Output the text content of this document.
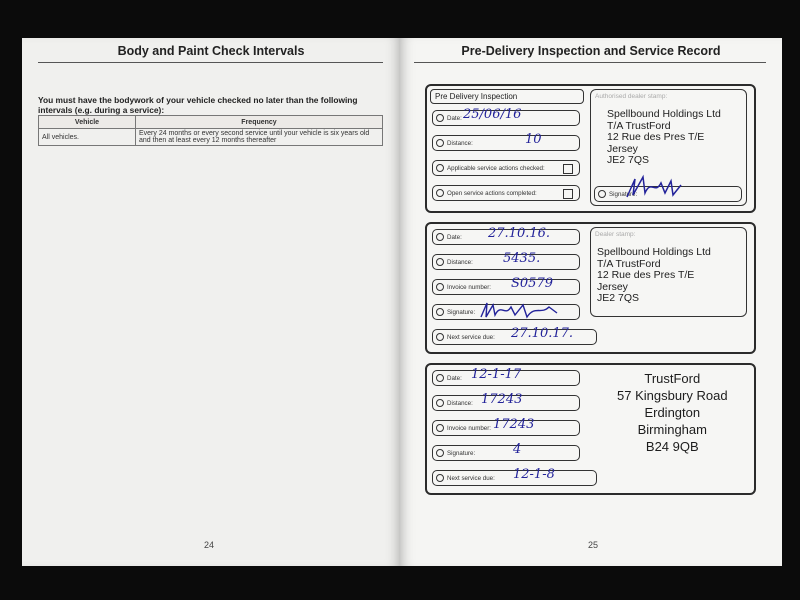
Body and Paint Check Intervals
You must have the bodywork of your vehicle checked no later than the following intervals (e.g. during a service):
Vehicle	Frequency
All vehicles.	Every 24 months or every second service until your vehicle is six years old and then at least every 12 months thereafter
24
Pre-Delivery Inspection and Service Record
Pre Delivery Inspection
Date: 25/06/16
Distance:	10
Applicable service actions checked:
Open service actions completed:
Authorised dealer stamp:
Spellbound Holdings Ltd
T/A TrustFord
12 Rue des Pres T/E
Jersey
JE2 7QS
Signature:
Date: 27.10.16.
Distance: 5435.
Invoice number: S0579
Signature:
Next service due: 27.10.17.
Dealer stamp:
Spellbound Holdings Ltd
T/A TrustFord
12 Rue des Pres T/E
Jersey
JE2 7QS
Date: 12-1-17
Distance: 17243
Invoice number: 17243
Signature:	4
Next service due: 12-1-8
TrustFord
57 Kingsbury Road
Erdington
Birmingham
B24 9QB
25
